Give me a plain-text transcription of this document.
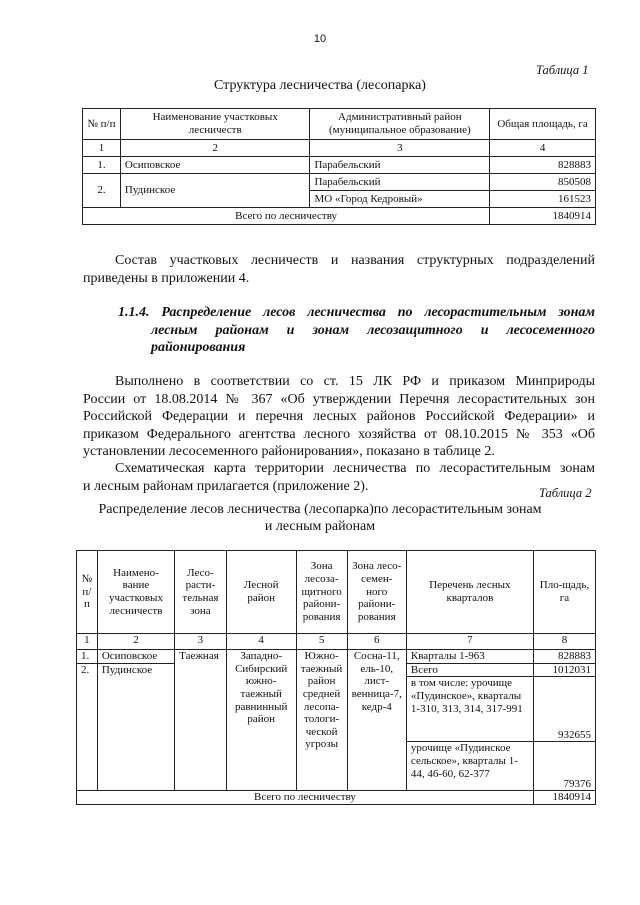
10
Таблица 1
Структура лесничества (лесопарка)
№ п/п	Наименование участковых лесничеств	Административный район (муниципальное образование)	Общая площадь, га
1	2	3	4
1.	Осиповское	Парабельский	828883
2.	Пудинское	Парабельский	850508
		МО «Город Кедровый»	161523
Всего по лесничеству			1840914
Состав участковых лесничеств и названия структурных подразделений
приведены в приложении 4.
1.1.4. Распределение лесов лесничества по лесорастительным зонам
лесным районам и зонам лесозащитного и лесосеменного
районирования
Выполнено в соответствии со ст. 15 ЛК РФ и приказом Минприроды
России от 18.08.2014 № 367 «Об утверждении Перечня лесорастительных зон
Российской Федерации и перечня лесных районов Российской Федерации» и
приказом Федерального агентства лесного хозяйства от 08.10.2015 № 353 «Об
установлении лесосеменного районирования», показано в таблице 2.
Схематическая карта территории лесничества по лесорастительным зонам
и лесным районам прилагается (приложение 2).	Таблица 2
Распределение лесов лесничества (лесопарка)по лесорастительным зонам
и лесным районам
№ п/п	Наимено-вание участковых лесничеств	Лесо-расти-тельная зона	Лесной район	Зона лесоза-щитного райони-рования	Зона лесо-семен-ного райони-рования	Перечень лесных кварталов	Пло-щадь, га
1	2	3	4	5	6	7	8
1.	Осиповское	Таежная	Западно-Сибирский южно-таежный равнинный район	Южно-таежный район средней лесопа-тологи-ческой угрозы	Сосна-11, ель-10, лист-венница-7, кедр-4	Кварталы 1-963	828883
2.	Пудинское					Всего	1012031
						в том числе: урочище «Пудинское», кварталы 1-310, 313, 314, 317-991	932655
						урочище «Пудинское сельское», кварталы 1-44, 46-60, 62-377	79376
Всего по лесничеству							1840914
